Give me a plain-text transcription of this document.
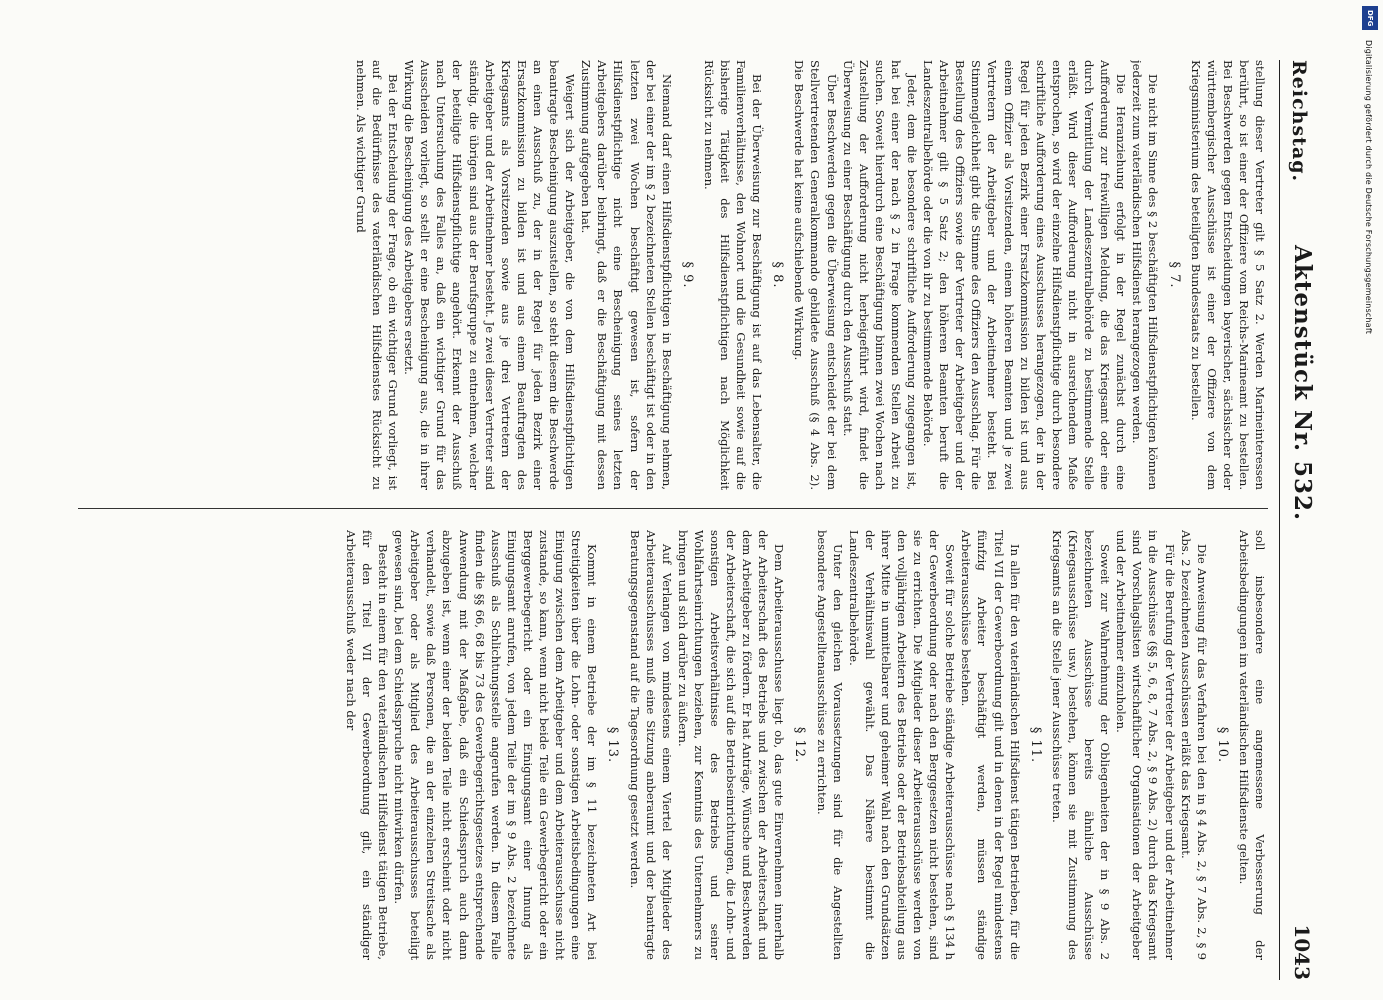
DFG
Digitalisierung gefördert durch die Deutsche Forschungsgemeinschaft
Reichstag.
Aktenstück Nr. 532.
1043

stellung dieser Vertreter gilt § 5 Satz 2. Werden Marineinteressen berührt, so ist einer der Offiziere vom Reichs-Marineamt zu bestellen. Bei Beschwerden gegen Entscheidungen bayerischer, sächsischer oder württembergischer Ausschüsse ist einer der Offiziere von dem Kriegsministerium des beteiligten Bundesstaats zu bestellen.

§ 7.

Die nicht im Sinne des § 2 beschäftigten Hilfsdienstpflichtigen können jederzeit zum vaterländischen Hilfsdienst herangezogen werden.

Die Heranziehung erfolgt in der Regel zunächst durch eine Aufforderung zur freiwilligen Meldung, die das Kriegsamt oder eine durch Vermittlung der Landeszentralbehörde zu bestimmende Stelle erläßt. Wird dieser Aufforderung nicht in ausreichendem Maße entsprochen, so wird der einzelne Hilfsdienstpflichtige durch besondere schriftliche Aufforderung eines Ausschusses herangezogen, der in der Regel für jeden Bezirk einer Ersatzkommission zu bilden ist und aus einem Offizier als Vorsitzenden, einem höheren Beamten und je zwei Vertretern der Arbeitgeber und der Arbeitnehmer besteht. Bei Stimmengleichheit gibt die Stimme des Offiziers den Ausschlag. Für die Bestellung des Offiziers sowie der Vertreter der Arbeitgeber und der Arbeitnehmer gilt § 5 Satz 2; den höheren Beamten beruft die Landeszentralbehörde oder die von ihr zu bestimmende Behörde.

Jeder, dem die besondere schriftliche Aufforderung zugegangen ist, hat bei einer der nach § 2 in Frage kommenden Stellen Arbeit zu suchen. Soweit hierdurch eine Beschäftigung binnen zwei Wochen nach Zustellung der Aufforderung nicht herbeigeführt wird, findet die Überweisung zu einer Beschäftigung durch den Ausschuß statt.

Über Beschwerden gegen die Überweisung entscheidet der bei dem Stellvertretenden Generalkommando gebildete Ausschuß (§ 4 Abs. 2). Die Beschwerde hat keine aufschiebende Wirkung.

§ 8.

Bei der Überweisung zur Beschäftigung ist auf das Lebensalter, die Familienverhältnisse, den Wohnort und die Gesundheit sowie auf die bisherige Tätigkeit des Hilfsdienstpflichtigen nach Möglichkeit Rücksicht zu nehmen.

§ 9.

Niemand darf einen Hilfsdienstpflichtigen in Beschäftigung nehmen, der bei einer der im § 2 bezeichneten Stellen beschäftigt ist oder in den letzten zwei Wochen beschäftigt gewesen ist, sofern der Hilfsdienstpflichtige nicht eine Bescheinigung seines letzten Arbeitgebers darüber beibringt, daß er die Beschäftigung mit dessen Zustimmung aufgegeben hat.

Weigert sich der Arbeitgeber, die von dem Hilfsdienstpflichtigen beantragte Bescheinigung auszustellen, so steht diesem die Beschwerde an einen Ausschuß zu, der in der Regel für jeden Bezirk einer Ersatzkommission zu bilden ist und aus einem Beauftragten des Kriegsamts als Vorsitzenden sowie aus je drei Vertretern der Arbeitgeber und der Arbeitnehmer besteht. Je zwei dieser Vertreter sind ständig, die übrigen sind aus der Berufsgruppe zu entnehmen, welcher der beteiligte Hilfsdienstpflichtige angehört. Erkennt der Ausschuß nach Untersuchung des Falles an, daß ein wichtiger Grund für das Ausscheiden vorliegt, so stellt er eine Bescheinigung aus, die in ihrer Wirkung die Bescheinigung des Arbeitgebers ersetzt.

Bei der Entscheidung der Frage, ob ein wichtiger Grund vorliegt, ist auf die Bedürfnisse des vaterländischen Hilfsdienstes Rücksicht zu nehmen. Als wichtiger Grund

soll insbesondere eine angemessene Verbesserung der Arbeitsbedingungen im vaterländischen Hilfsdienste gelten.

§ 10.

Die Anweisung für das Verfahren bei den in § 4 Abs. 2, § 7 Abs. 2, § 9 Abs. 2 bezeichneten Ausschüssen erläßt das Kriegsamt.

Für die Berufung der Vertreter der Arbeitgeber und der Arbeitnehmer in die Ausschüsse (§§ 5, 6, 8, 7 Abs. 2, § 9 Abs. 2) durch das Kriegsamt sind Vorschlagslisten wirtschaftlicher Organisationen der Arbeitgeber und der Arbeitnehmer einzuholen.

Soweit zur Wahrnehmung der Obliegenheiten der in § 9 Abs. 2 bezeichneten Ausschüsse bereits ähnliche Ausschüsse (Kriegsausschüsse usw.) bestehen, können sie mit Zustimmung des Kriegsamts an die Stelle jener Ausschüsse treten.

§ 11.

In allen für den vaterländischen Hilfsdienst tätigen Betrieben, für die Titel VII der Gewerbeordnung gilt und in denen in der Regel mindestens fünfzig Arbeiter beschäftigt werden, müssen ständige Arbeiterausschüsse bestehen.

Soweit für solche Betriebe ständige Arbeiterausschüsse nach § 134 h der Gewerbeordnung oder nach den Berggesetzen nicht bestehen, sind sie zu errichten. Die Mitglieder dieser Arbeiterausschüsse werden von den volljährigen Arbeitern des Betriebs oder der Betriebsabteilung aus ihrer Mitte in unmittelbarer und geheimer Wahl nach den Grundsätzen der Verhältniswahl gewählt. Das Nähere bestimmt die Landeszentralbehörde.

Unter den gleichen Voraussetzungen sind für die Angestellten besondere Angestelltenausschüsse zu errichten.

§ 12.

Dem Arbeiterausschusse liegt ob, das gute Einvernehmen innerhalb der Arbeiterschaft des Betriebs und zwischen der Arbeiterschaft und dem Arbeitgeber zu fördern. Er hat Anträge, Wünsche und Beschwerden der Arbeiterschaft, die sich auf die Betriebseinrichtungen, die Lohn- und sonstigen Arbeitsverhältnisse des Betriebs und seiner Wohlfahrtseinrichtungen beziehen, zur Kenntnis des Unternehmers zu bringen und sich darüber zu äußern.

Auf Verlangen von mindestens einem Viertel der Mitglieder des Arbeiterausschusses muß eine Sitzung anberaumt und der beantragte Beratungsgegenstand auf die Tagesordnung gesetzt werden.

§ 13.

Kommt in einem Betriebe der im § 11 bezeichneten Art bei Streitigkeiten über die Lohn- oder sonstigen Arbeitsbedingungen eine Einigung zwischen dem Arbeitgeber und dem Arbeiterausschusse nicht zustande, so kann, wenn nicht beide Teile ein Gewerbegericht oder ein Berggewerbegericht oder ein Einigungsamt einer Innung als Einigungsamt anrufen, von jedem Teile der im § 9 Abs. 2 bezeichnete Ausschuß als Schlichtungsstelle angerufen werden. In diesem Falle finden die §§ 66, 68 bis 73 des Gewerbegerichtsgesetzes entsprechende Anwendung mit der Maßgabe, daß ein Schiedsspruch auch dann abzugeben ist, wenn einer der beiden Teile nicht erscheint oder nicht verhandelt, sowie daß Personen, die an der einzelnen Streitsache als Arbeitgeber oder als Mitglied des Arbeiterausschusses beteiligt gewesen sind, bei dem Schiedsspruche nicht mitwirken dürfen.

Besteht in einem für den vaterländischen Hilfsdienst tätigen Betriebe, für den Titel VII der Gewerbeordnung gilt, ein ständiger Arbeiterausschuß weder nach der
